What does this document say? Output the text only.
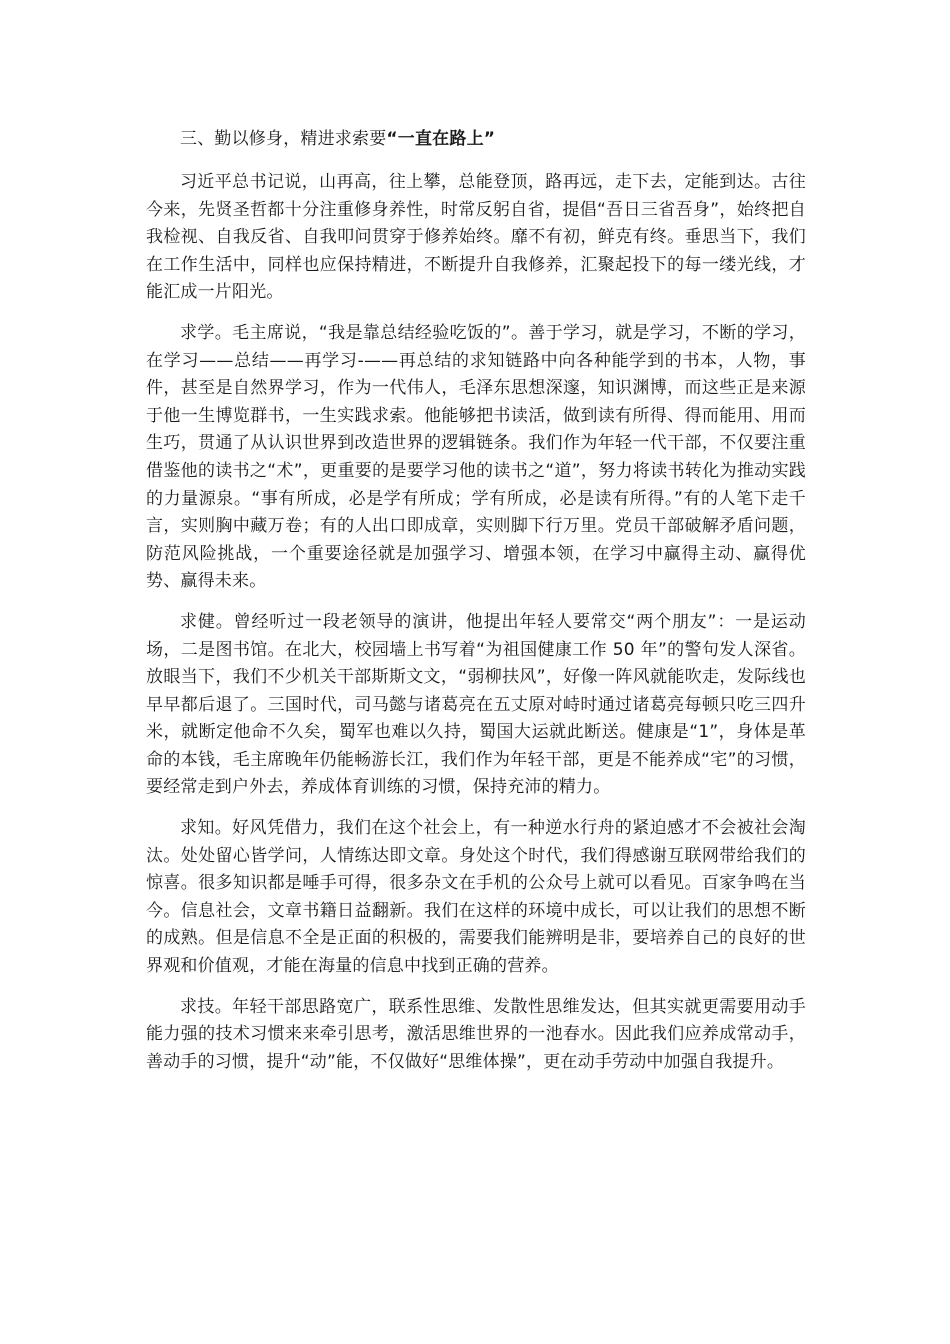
三、勤以修身，精进求索要“一直在路上”

习近平总书记说，山再高，往上攀，总能登顶，路再远，走下去，定能到达。古往今来，先贤圣哲都十分注重修身养性，时常反躬自省，提倡“吾日三省吾身”，始终把自我检视、自我反省、自我叩问贯穿于修养始终。靡不有初，鲜克有终。垂思当下，我们在工作生活中，同样也应保持精进，不断提升自我修养，汇聚起投下的每一缕光线，才能汇成一片阳光。

求学。毛主席说，“我是靠总结经验吃饭的”。善于学习，就是学习，不断的学习，在学习——总结——再学习-——再总结的求知链路中向各种能学到的书本，人物，事件，甚至是自然界学习，作为一代伟人，毛泽东思想深邃，知识渊博，而这些正是来源于他一生博览群书，一生实践求索。他能够把书读活，做到读有所得、得而能用、用而生巧，贯通了从认识世界到改造世界的逻辑链条。我们作为年轻一代干部，不仅要注重借鉴他的读书之“术”，更重要的是要学习他的读书之“道”，努力将读书转化为推动实践的力量源泉。“事有所成，必是学有所成；学有所成，必是读有所得。”有的人笔下走千言，实则胸中藏万卷；有的人出口即成章，实则脚下行万里。党员干部破解矛盾问题，防范风险挑战，一个重要途径就是加强学习、增强本领，在学习中赢得主动、赢得优势、赢得未来。

求健。曾经听过一段老领导的演讲，他提出年轻人要常交“两个朋友”：一是运动场，二是图书馆。在北大，校园墙上书写着“为祖国健康工作 50 年”的警句发人深省。放眼当下，我们不少机关干部斯斯文文，“弱柳扶风”，好像一阵风就能吹走，发际线也早早都后退了。三国时代，司马懿与诸葛亮在五丈原对峙时通过诸葛亮每顿只吃三四升米，就断定他命不久矣，蜀军也难以久持，蜀国大运就此断送。健康是“1”，身体是革命的本钱，毛主席晚年仍能畅游长江，我们作为年轻干部，更是不能养成“宅”的习惯，要经常走到户外去，养成体育训练的习惯，保持充沛的精力。

求知。好风凭借力，我们在这个社会上，有一种逆水行舟的紧迫感才不会被社会淘汰。处处留心皆学问，人情练达即文章。身处这个时代，我们得感谢互联网带给我们的惊喜。很多知识都是唾手可得，很多杂文在手机的公众号上就可以看见。百家争鸣在当今。信息社会，文章书籍日益翻新。我们在这样的环境中成长，可以让我们的思想不断的成熟。但是信息不全是正面的积极的，需要我们能辨明是非，要培养自己的良好的世界观和价值观，才能在海量的信息中找到正确的营养。

求技。年轻干部思路宽广，联系性思维、发散性思维发达，但其实就更需要用动手能力强的技术习惯来来牵引思考，激活思维世界的一池春水。因此我们应养成常动手，善动手的习惯，提升“动”能，不仅做好“思维体操”，更在动手劳动中加强自我提升。
